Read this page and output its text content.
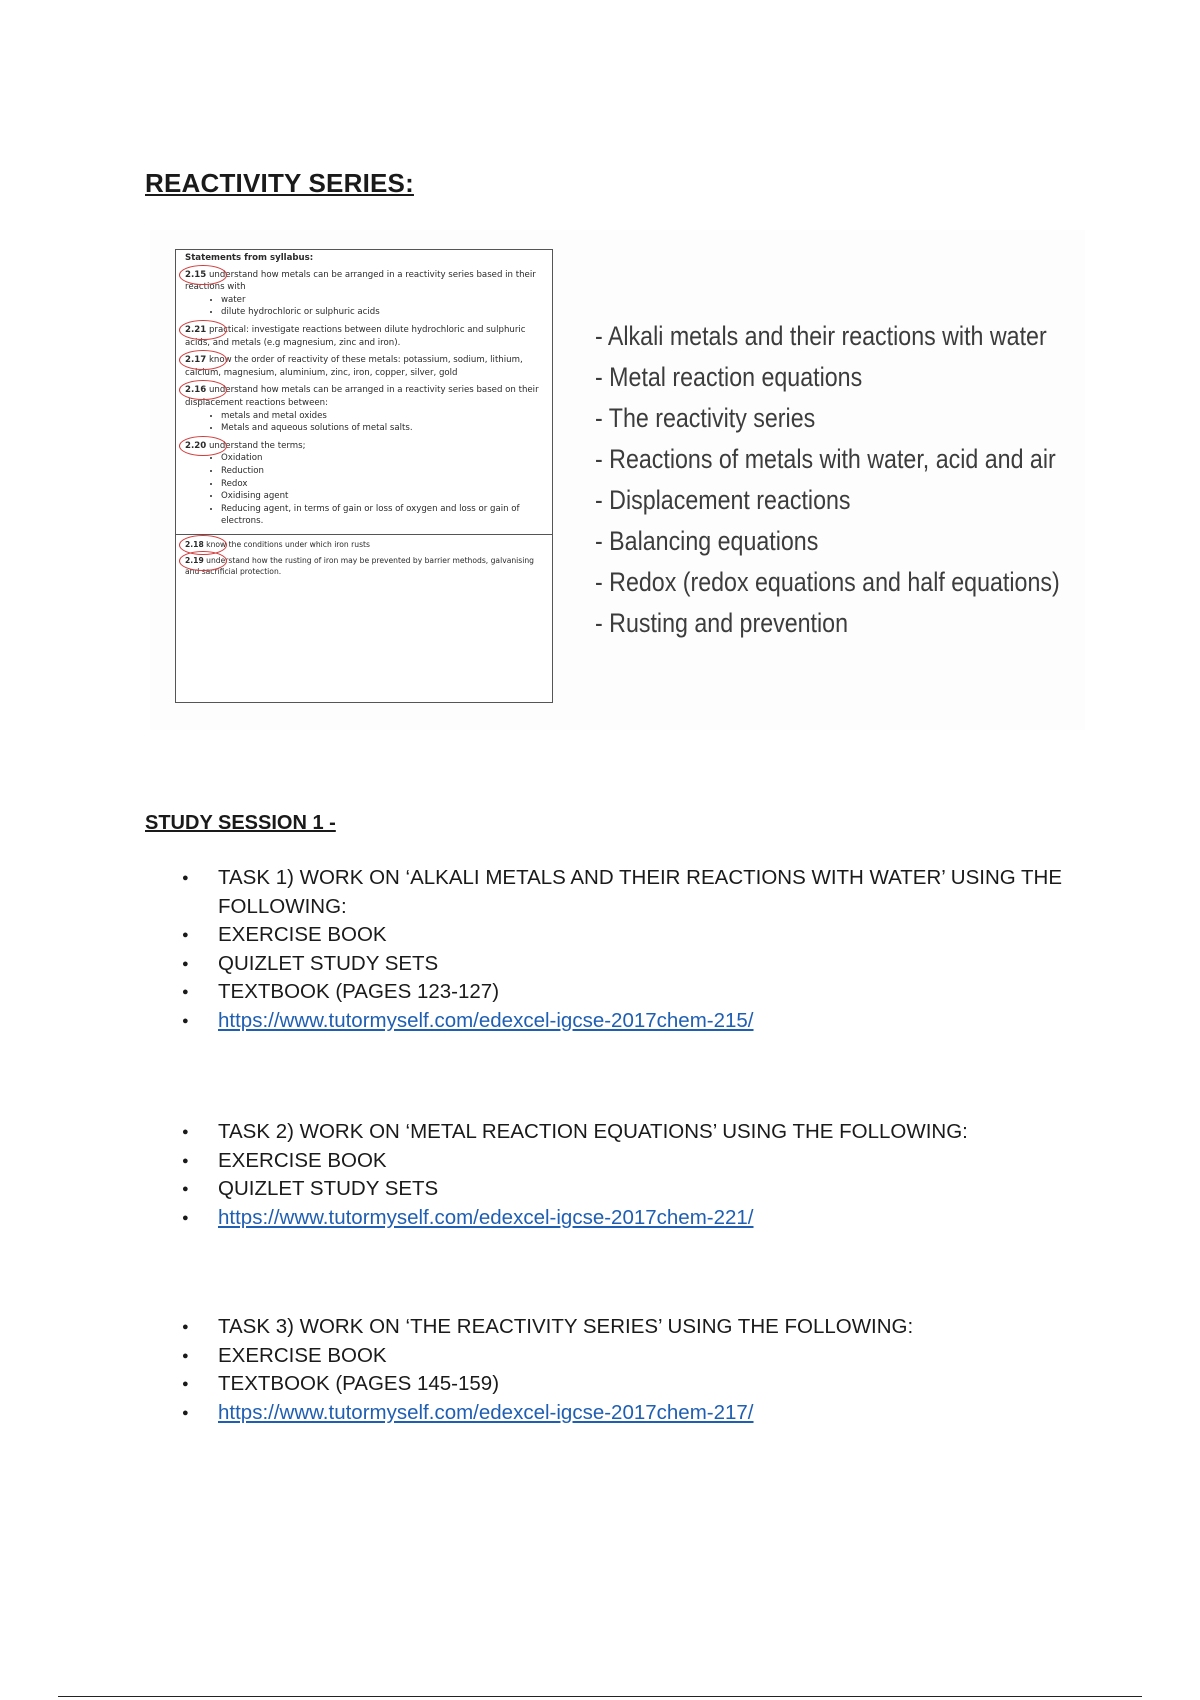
REACTIVITY SERIES:
Statements from syllabus:
2.15 understand how metals can be arranged in a reactivity series based in their reactions with
• water
• dilute hydrochloric or sulphuric acids
2.21 practical: investigate reactions between dilute hydrochloric and sulphuric acids, and metals (e.g magnesium, zinc and iron).
2.17 know the order of reactivity of these metals: potassium, sodium, lithium, calcium, magnesium, aluminium, zinc, iron, copper, silver, gold
2.16 understand how metals can be arranged in a reactivity series based on their displacement reactions between:
• metals and metal oxides
• Metals and aqueous solutions of metal salts.
2.20 understand the terms;
• Oxidation
• Reduction
• Redox
• Oxidising agent
• Reducing agent, in terms of gain or loss of oxygen and loss or gain of electrons.
2.18 know the conditions under which iron rusts
2.19 understand how the rusting of iron may be prevented by barrier methods, galvanising and sacrificial protection.
- Alkali metals and their reactions with water
- Metal reaction equations
- The reactivity series
- Reactions of metals with water, acid and air
- Displacement reactions
- Balancing equations
- Redox (redox equations and half equations)
- Rusting and prevention
STUDY SESSION 1 -
● TASK 1) WORK ON ‘ALKALI METALS AND THEIR REACTIONS WITH WATER’ USING THE FOLLOWING:
● EXERCISE BOOK
● QUIZLET STUDY SETS
● TEXTBOOK (PAGES 123-127)
● https://www.tutormyself.com/edexcel-igcse-2017chem-215/
● TASK 2) WORK ON ‘METAL REACTION EQUATIONS’ USING THE FOLLOWING:
● EXERCISE BOOK
● QUIZLET STUDY SETS
● https://www.tutormyself.com/edexcel-igcse-2017chem-221/
● TASK 3) WORK ON ‘THE REACTIVITY SERIES’ USING THE FOLLOWING:
● EXERCISE BOOK
● TEXTBOOK (PAGES 145-159)
● https://www.tutormyself.com/edexcel-igcse-2017chem-217/
